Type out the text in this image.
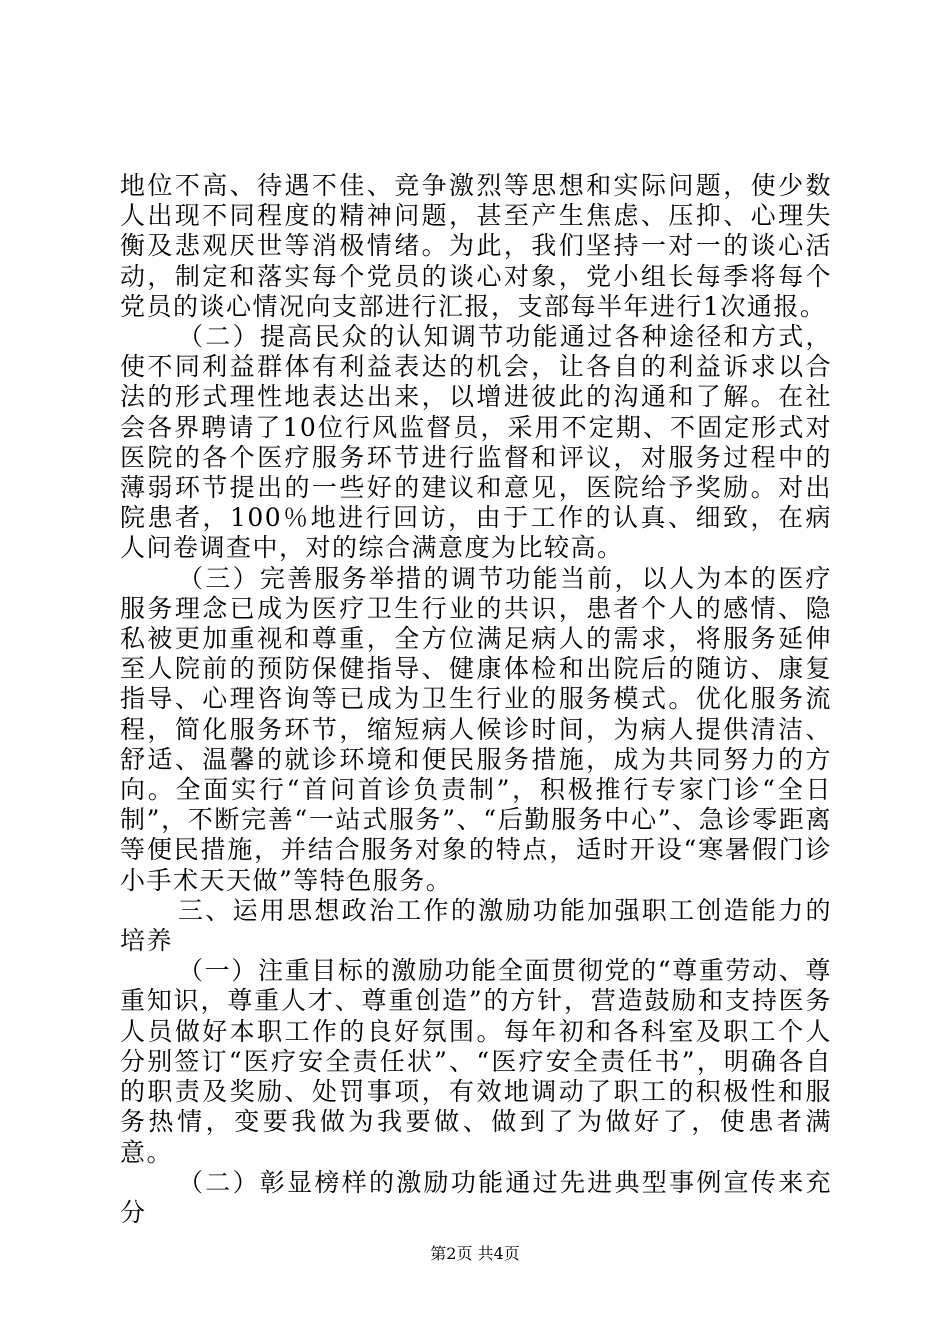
地位不高、待遇不佳、竞争激烈等思想和实际问题，使少数人出现不同程度的精神问题，甚至产生焦虑、压抑、心理失衡及悲观厌世等消极情绪。为此，我们坚持一对一的谈心活动，制定和落实每个党员的谈心对象，党小组长每季将每个党员的谈心情况向支部进行汇报，支部每半年进行1次通报。

（二）提高民众的认知调节功能通过各种途径和方式，使不同利益群体有利益表达的机会，让各自的利益诉求以合法的形式理性地表达出来，以增进彼此的沟通和了解。在社会各界聘请了10位行风监督员，采用不定期、不固定形式对医院的各个医疗服务环节进行监督和评议，对服务过程中的薄弱环节提出的一些好的建议和意见，医院给予奖励。对出院患者，100％地进行回访，由于工作的认真、细致，在病人问卷调查中，对的综合满意度为比较高。

（三）完善服务举措的调节功能当前，以人为本的医疗服务理念已成为医疗卫生行业的共识，患者个人的感情、隐私被更加重视和尊重，全方位满足病人的需求，将服务延伸至人院前的预防保健指导、健康体检和出院后的随访、康复指导、心理咨询等已成为卫生行业的服务模式。优化服务流程，简化服务环节，缩短病人候诊时间，为病人提供清洁、舒适、温馨的就诊环境和便民服务措施，成为共同努力的方向。全面实行“首问首诊负责制”，积极推行专家门诊“全日制”，不断完善“一站式服务”、“后勤服务中心”、急诊零距离等便民措施，并结合服务对象的特点，适时开设“寒暑假门诊小手术天天做”等特色服务。

三、运用思想政治工作的激励功能加强职工创造能力的培养

（一）注重目标的激励功能全面贯彻党的“尊重劳动、尊重知识，尊重人才、尊重创造”的方针，营造鼓励和支持医务人员做好本职工作的良好氛围。每年初和各科室及职工个人分别签订“医疗安全责任状”、“医疗安全责任书”，明确各自的职责及奖励、处罚事项，有效地调动了职工的积极性和服务热情，变要我做为我要做、做到了为做好了，使患者满意。

（二）彰显榜样的激励功能通过先进典型事例宣传来充分

第2页 共4页
